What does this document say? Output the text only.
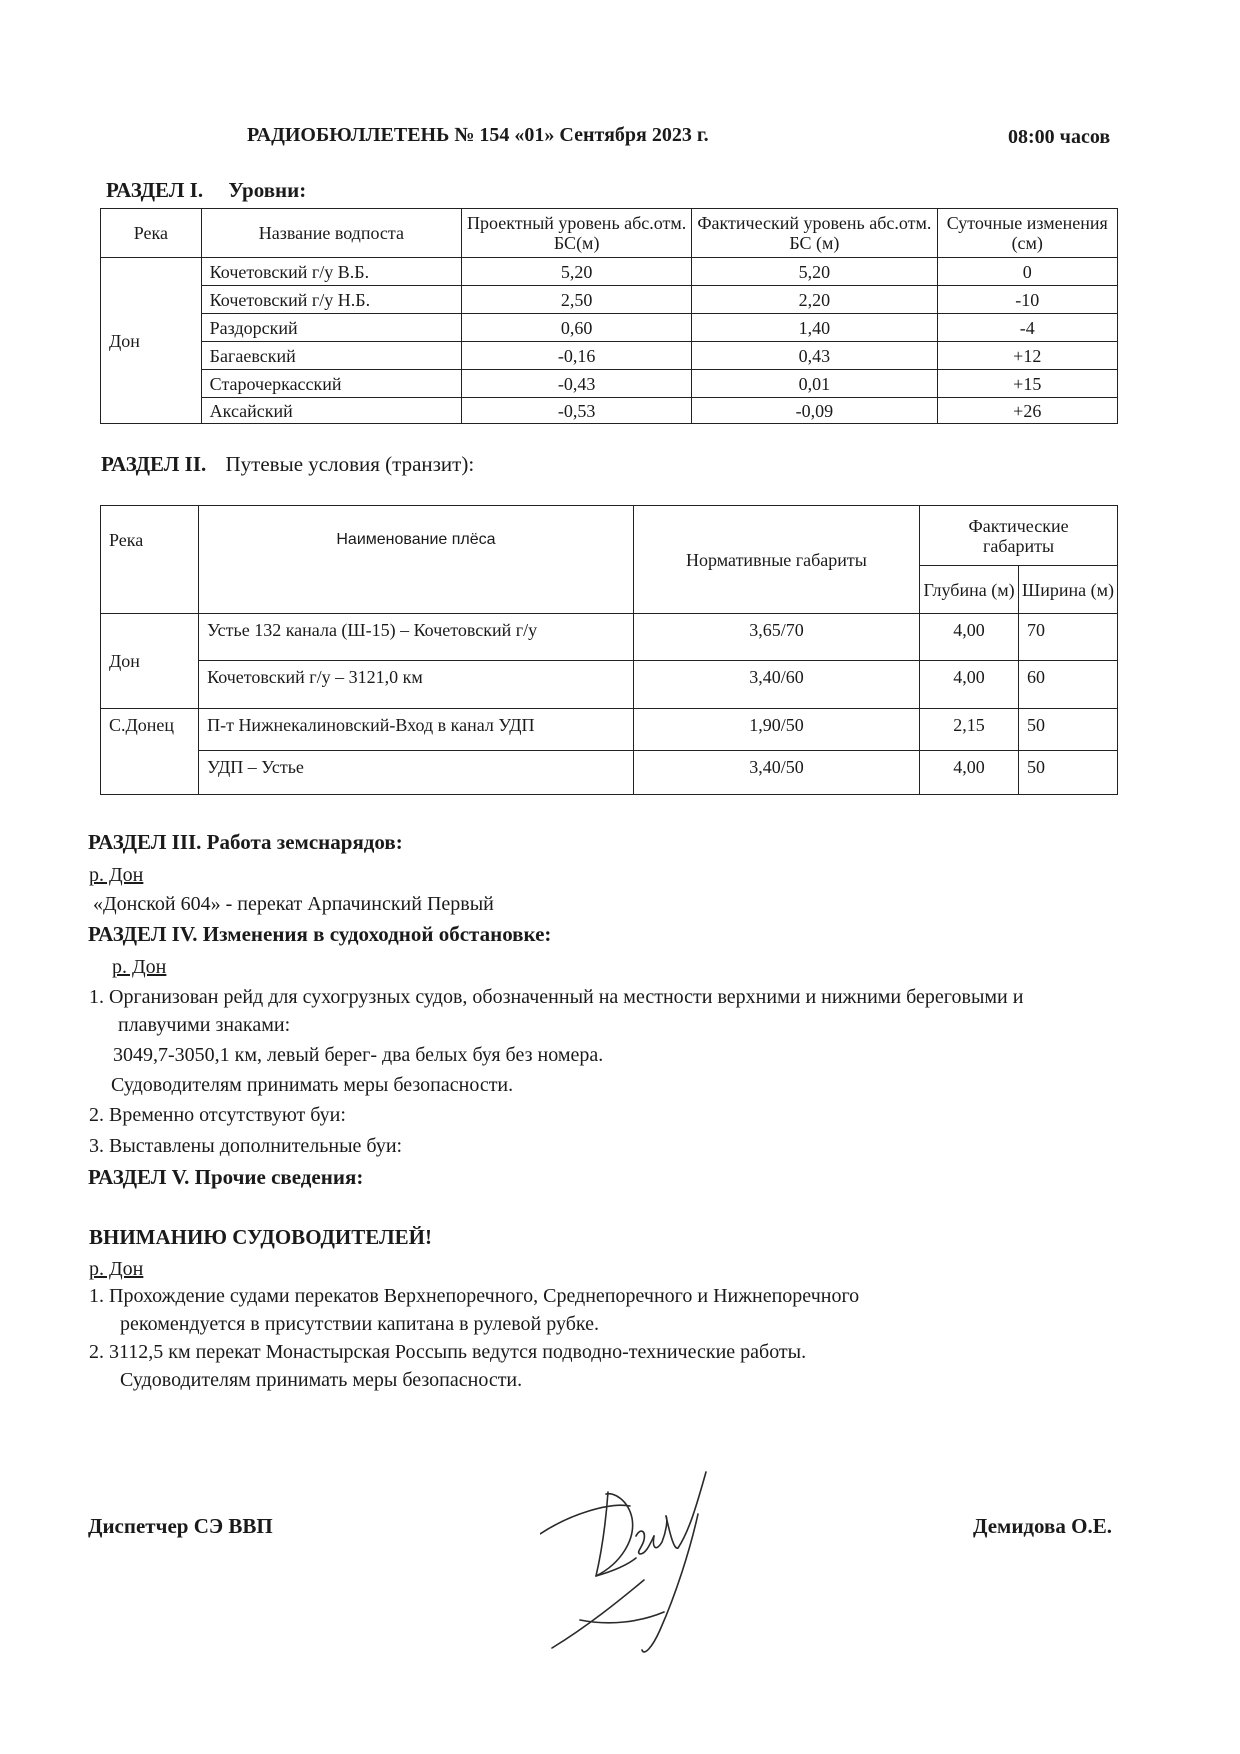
РАДИОБЮЛЛЕТЕНЬ № 154 «01» Сентября 2023 г.	08:00 часов
РАЗДЕЛ I. Уровни:
Река	Название водпоста	Проектный уровень абс.отм. БС(м)	Фактический уровень абс.отм. БС (м)	Суточные изменения (см)
Дон	Кочетовский г/у В.Б.	5,20	5,20	0
	Кочетовский г/у Н.Б.	2,50	2,20	-10
	Раздорский	0,60	1,40	-4
	Багаевский	-0,16	0,43	+12
	Старочеркасский	-0,43	0,01	+15
	Аксайский	-0,53	-0,09	+26
РАЗДЕЛ II. Путевые условия (транзит):
Река	Наименование плёса	Нормативные габариты	Фактические габариты	
			Глубина (м)	Ширина (м)
Дон	Устье 132 канала (Ш-15) – Кочетовский г/у	3,65/70	4,00	70
	Кочетовский г/у – 3121,0 км	3,40/60	4,00	60
С.Донец	П-т Нижнекалиновский-Вход в канал УДП	1,90/50	2,15	50
	УДП – Устье	3,40/50	4,00	50
РАЗДЕЛ III. Работа земснарядов:
р. Дон
«Донской 604» - перекат Арпачинский Первый
РАЗДЕЛ IV. Изменения в судоходной обстановке:
р. Дон
1. Организован рейд для сухогрузных судов, обозначенный на местности верхними и нижними береговыми и
плавучими знаками:
3049,7-3050,1 км, левый берег- два белых буя без номера.
Судоводителям принимать меры безопасности.
2. Временно отсутствуют буи:
3. Выставлены дополнительные буи:
РАЗДЕЛ V. Прочие сведения:
ВНИМАНИЮ СУДОВОДИТЕЛЕЙ!
р. Дон
1. Прохождение судами перекатов Верхнепоречного, Среднепоречного и Нижнепоречного
рекомендуется в присутствии капитана в рулевой рубке.
2. 3112,5 км перекат Монастырская Россыпь ведутся подводно-технические работы.
Судоводителям принимать меры безопасности.
Диспетчер СЭ ВВП	Демидова О.Е.
